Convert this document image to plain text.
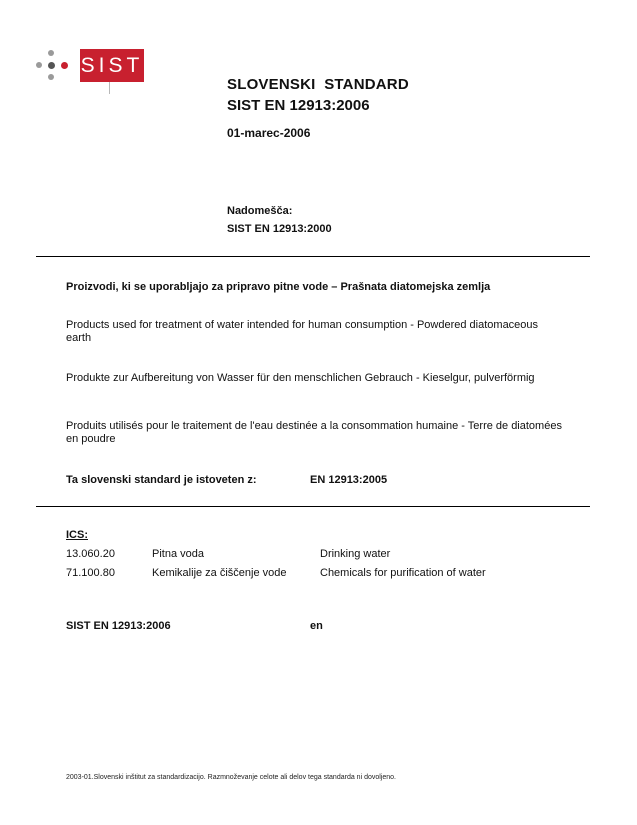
SIST
SLOVENSKI  STANDARD
SIST EN 12913:2006
01-marec-2006
Nadomešča:
SIST EN 12913:2000
Proizvodi, ki se uporabljajo za pripravo pitne vode – Prašnata diatomejska zemlja
Products used for treatment of water intended for human consumption - Powdered diatomaceous earth
Produkte zur Aufbereitung von Wasser für den menschlichen Gebrauch - Kieselgur, pulverförmig
Produits utilisés pour le traitement de l'eau destinée a la consommation humaine - Terre de diatomées en poudre
Ta slovenski standard je istoveten z:	EN 12913:2005
ICS:
13.060.20	Pitna voda	Drinking water
71.100.80	Kemikalije za čiščenje vode	Chemicals for purification of water
SIST EN 12913:2006	en
2003-01.Slovenski inštitut za standardizacijo. Razmnoževanje celote ali delov tega standarda ni dovoljeno.
